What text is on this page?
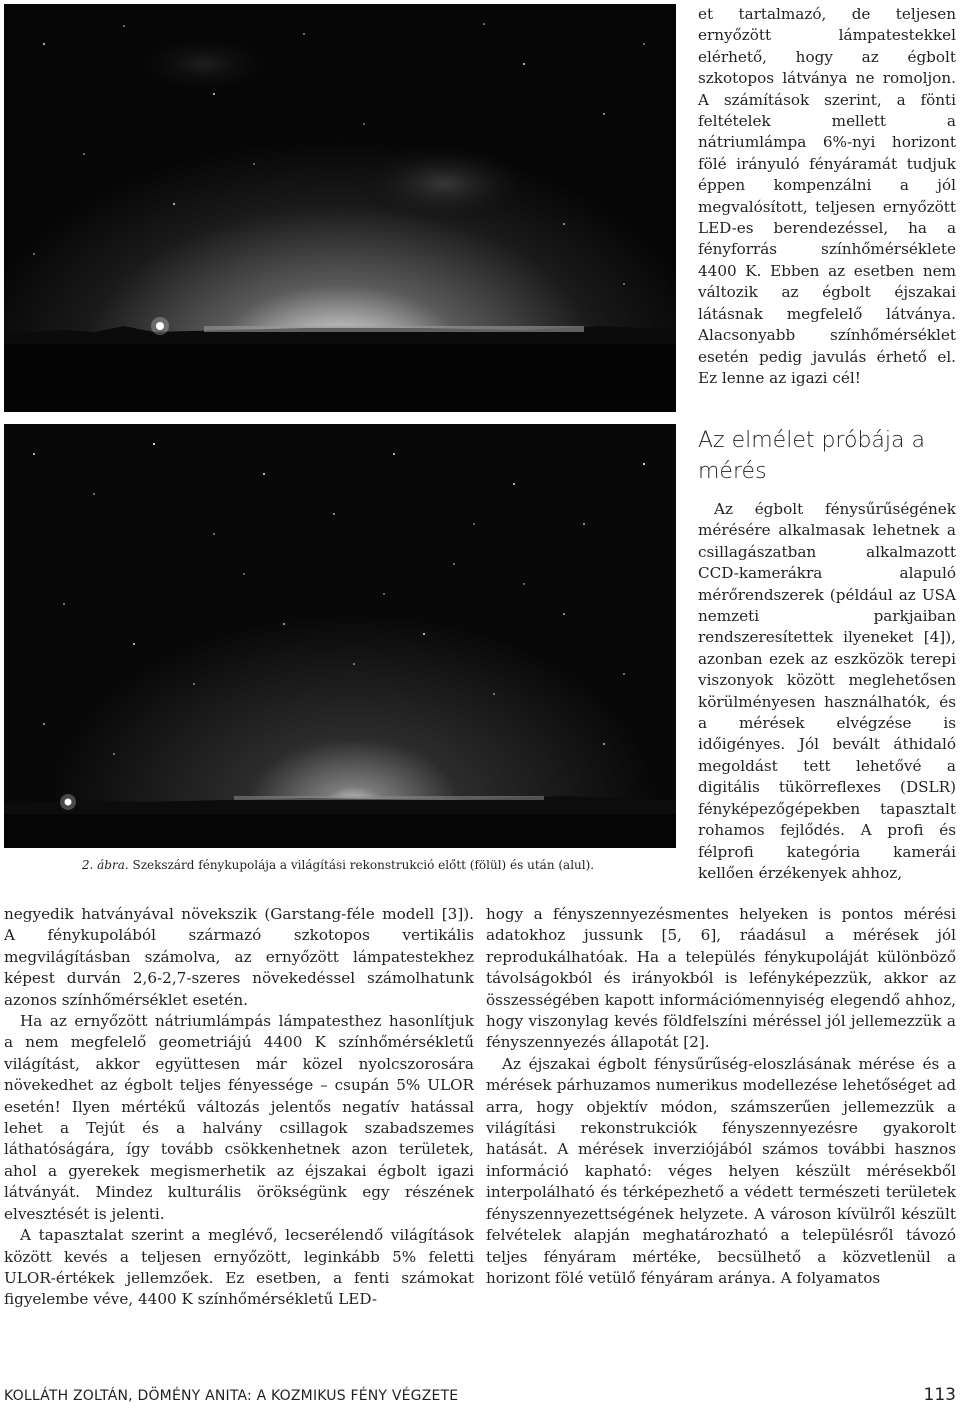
2. ábra. Szekszárd fénykupolája a világítási rekonstrukció előtt (fölül) és után (alul).

et tartalmazó, de teljesen ernyőzött lámpatestekkel elérhető, hogy az égbolt szkotopos látványa ne romoljon. A számítások szerint, a fönti feltételek mellett a nátriumlámpa 6%-nyi horizont fölé irányuló fényáramát tudjuk éppen kompenzálni a jól megvalósított, teljesen ernyőzött LED-es berendezéssel, ha a fényforrás színhőmérséklete 4400 K. Ebben az esetben nem változik az égbolt éjszakai látásnak megfelelő látványa. Alacsonyabb színhőmérséklet esetén pedig javulás érhető el. Ez lenne az igazi cél!

Az elmélet próbája a mérés

Az égbolt fénysűrűségének mérésére alkalmasak lehetnek a csillagászatban alkalmazott CCD-kamerákra alapuló mérőrendszerek (például az USA nemzeti parkjaiban rendszeresítettek ilyeneket [4]), azonban ezek az eszközök terepi viszonyok között meglehetősen körülményesen használhatók, és a mérések elvégzése is időigényes. Jól bevált áthidaló megoldást tett lehetővé a digitális tükörreflexes (DSLR) fényképezőgépekben tapasztalt rohamos fejlődés. A profi és félprofi kategória kamerái kellően érzékenyek ahhoz,

negyedik hatványával növekszik (Garstang-féle modell [3]). A fénykupolából származó szkotopos vertikális megvilágításban számolva, az ernyőzött lámpatestekhez képest durván 2,6-2,7-szeres növekedéssel számolhatunk azonos színhőmérséklet esetén.

Ha az ernyőzött nátriumlámpás lámpatesthez hasonlítjuk a nem megfelelő geometriájú 4400 K színhőmérsékletű világítást, akkor együttesen már közel nyolcszorosára növekedhet az égbolt teljes fényessége – csupán 5% ULOR esetén! Ilyen mértékű változás jelentős negatív hatással lehet a Tejút és a halvány csillagok szabadszemes láthatóságára, így tovább csökkenhetnek azon területek, ahol a gyerekek megismerhetik az éjszakai égbolt igazi látványát. Mindez kulturális örökségünk egy részének elvesztését is jelenti.

A tapasztalat szerint a meglévő, lecserélendő világítások között kevés a teljesen ernyőzött, leginkább 5% feletti ULOR-értékek jellemzőek. Ez esetben, a fenti számokat figyelembe véve, 4400 K színhőmérsékletű LED-

hogy a fényszennyezésmentes helyeken is pontos mérési adatokhoz jussunk [5, 6], ráadásul a mérések jól reprodukálhatóak. Ha a település fénykupoláját különböző távolságokból és irányokból is lefényképezzük, akkor az összességében kapott információmennyiség elegendő ahhoz, hogy viszonylag kevés földfelszíni méréssel jól jellemezzük a fényszennyezés állapotát [2].

Az éjszakai égbolt fénysűrűség-eloszlásának mérése és a mérések párhuzamos numerikus modellezése lehetőséget ad arra, hogy objektív módon, számszerűen jellemezzük a világítási rekonstrukciók fényszennyezésre gyakorolt hatását. A mérések inverziójából számos további hasznos információ kapható: véges helyen készült mérésekből interpolálható és térképezhető a védett természeti területek fényszennyezettségének helyzete. A városon kívülről készült felvételek alapján meghatározható a településről távozó teljes fényáram mértéke, becsülhető a közvetlenül a horizont fölé vetülő fényáram aránya. A folyamatos

KOLLÁTH ZOLTÁN, DÖMÉNY ANITA: A KOZMIKUS FÉNY VÉGZETE	113
